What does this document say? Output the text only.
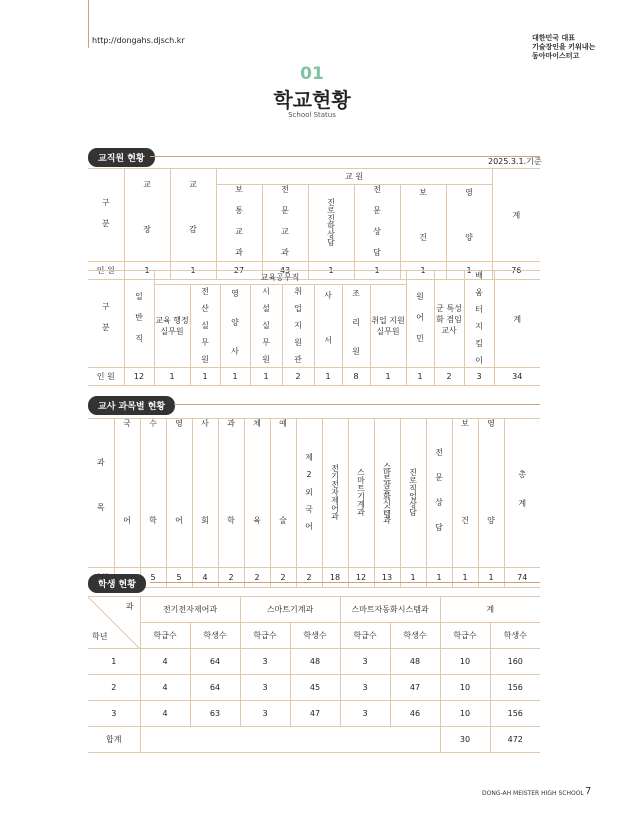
http://dongahs.djsch.kr	대한민국 대표
기술장인을 키워내는
동아마이스터고
01
학교현황
School Status
교직원 현황	2025.3.1.기준
구 분	교 장	교 감	교 원						계
			보 통 교 과	전 문 교 과	진로진학상담	전 문 상 담	보 건	영 양	
인 원	1	1	27	43	1	1	1	1	76
구 분	일 반 직	교육공무직								원 어 민	군 특성화 겸임 교사	배 움 터 지 킴 이	계
		교육 행정 실무원	전 산 실 무 원	영 양 사	시 설 실 무 원	취 업 지 원 관	사 서	조 리 원	취업 지원 실무원				
인 원	12	1	1	1	1	2	1	8	1	1	2	3	34
교사 과목별 현황
과 목	국 어	수 학	영 어	사 회	과 학	체 육	예 술	제 2 외 국 어	전기전자제어과	스마트기계과	스마트자동화시스템과	진로직업상담	전 문 상 담	보 건	영 양	총 계
		5	5	4	2	2	2	2	18	12	13	1	1	1	1	74
학생 현황
과
학년	전기전자제어과		스마트기계과		스마트자동화시스템과		계	
	학급수	학생수	학급수	학생수	학급수	학생수	학급수	학생수
1	4	64	3	48	3	48	10	160
2	4	64	3	45	3	47	10	156
3	4	63	3	47	3	46	10	156
합계							30	472
DONG-AH MEISTER HIGH SCHOOL 7
